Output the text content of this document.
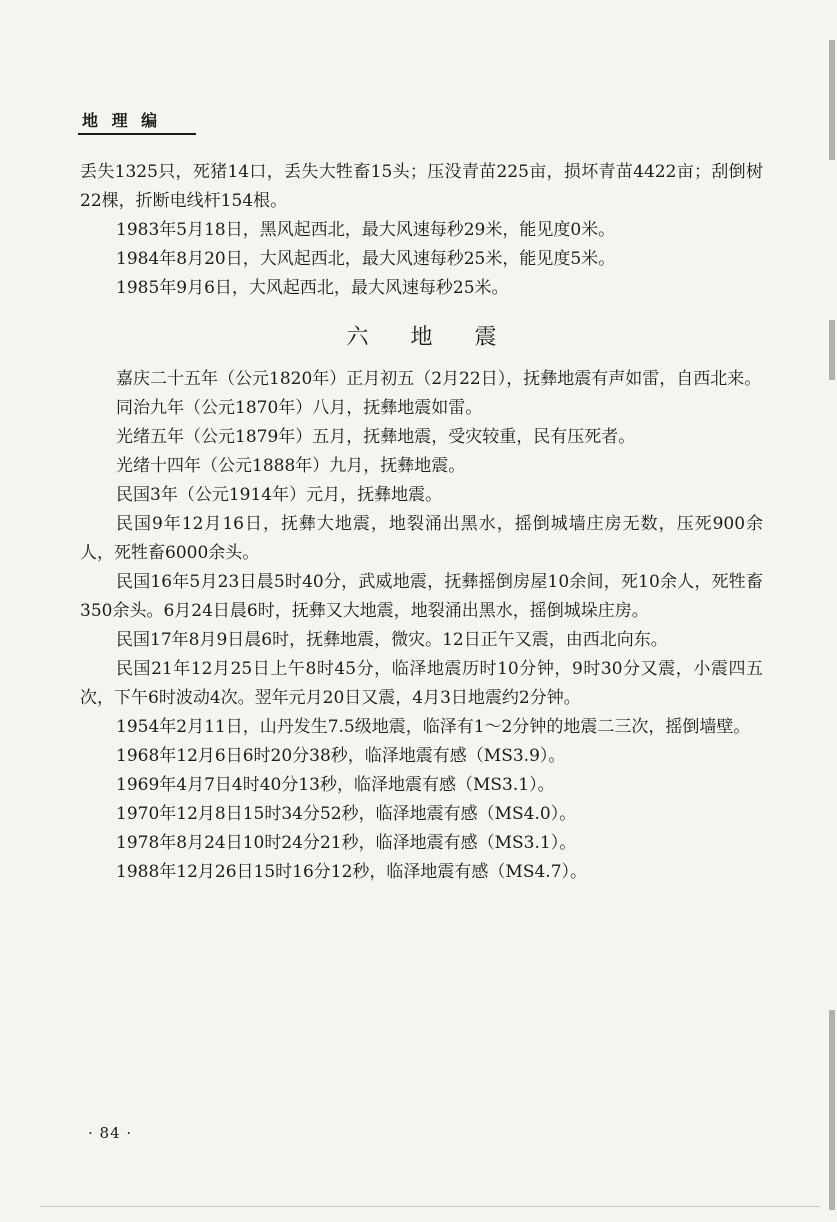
地 理 编

丢失1325只，死猪14口，丢失大牲畜15头；压没青苗225亩，损坏青苗4422亩；刮倒树22棵，折断电线杆154根。

1983年5月18日，黑风起西北，最大风速每秒29米，能见度0米。

1984年8月20日，大风起西北，最大风速每秒25米，能见度5米。

1985年9月6日，大风起西北，最大风速每秒25米。

六地震

嘉庆二十五年（公元1820年）正月初五（2月22日），抚彝地震有声如雷，自西北来。

同治九年（公元1870年）八月，抚彝地震如雷。

光绪五年（公元1879年）五月，抚彝地震，受灾较重，民有压死者。

光绪十四年（公元1888年）九月，抚彝地震。

民国3年（公元1914年）元月，抚彝地震。

民国9年12月16日，抚彝大地震，地裂涌出黑水，摇倒城墙庄房无数，压死900余人，死牲畜6000余头。

民国16年5月23日晨5时40分，武威地震，抚彝摇倒房屋10余间，死10余人，死牲畜350余头。6月24日晨6时，抚彝又大地震，地裂涌出黑水，摇倒城垛庄房。

民国17年8月9日晨6时，抚彝地震，微灾。12日正午又震，由西北向东。

民国21年12月25日上午8时45分，临泽地震历时10分钟，9时30分又震，小震四五次，下午6时波动4次。翌年元月20日又震，4月3日地震约2分钟。

1954年2月11日，山丹发生7.5级地震，临泽有1～2分钟的地震二三次，摇倒墙壁。

1968年12月6日6时20分38秒，临泽地震有感（MS3.9）。

1969年4月7日4时40分13秒，临泽地震有感（MS3.1）。

1970年12月8日15时34分52秒，临泽地震有感（MS4.0）。

1978年8月24日10时24分21秒，临泽地震有感（MS3.1）。

1988年12月26日15时16分12秒，临泽地震有感（MS4.7）。

· 84 ·
